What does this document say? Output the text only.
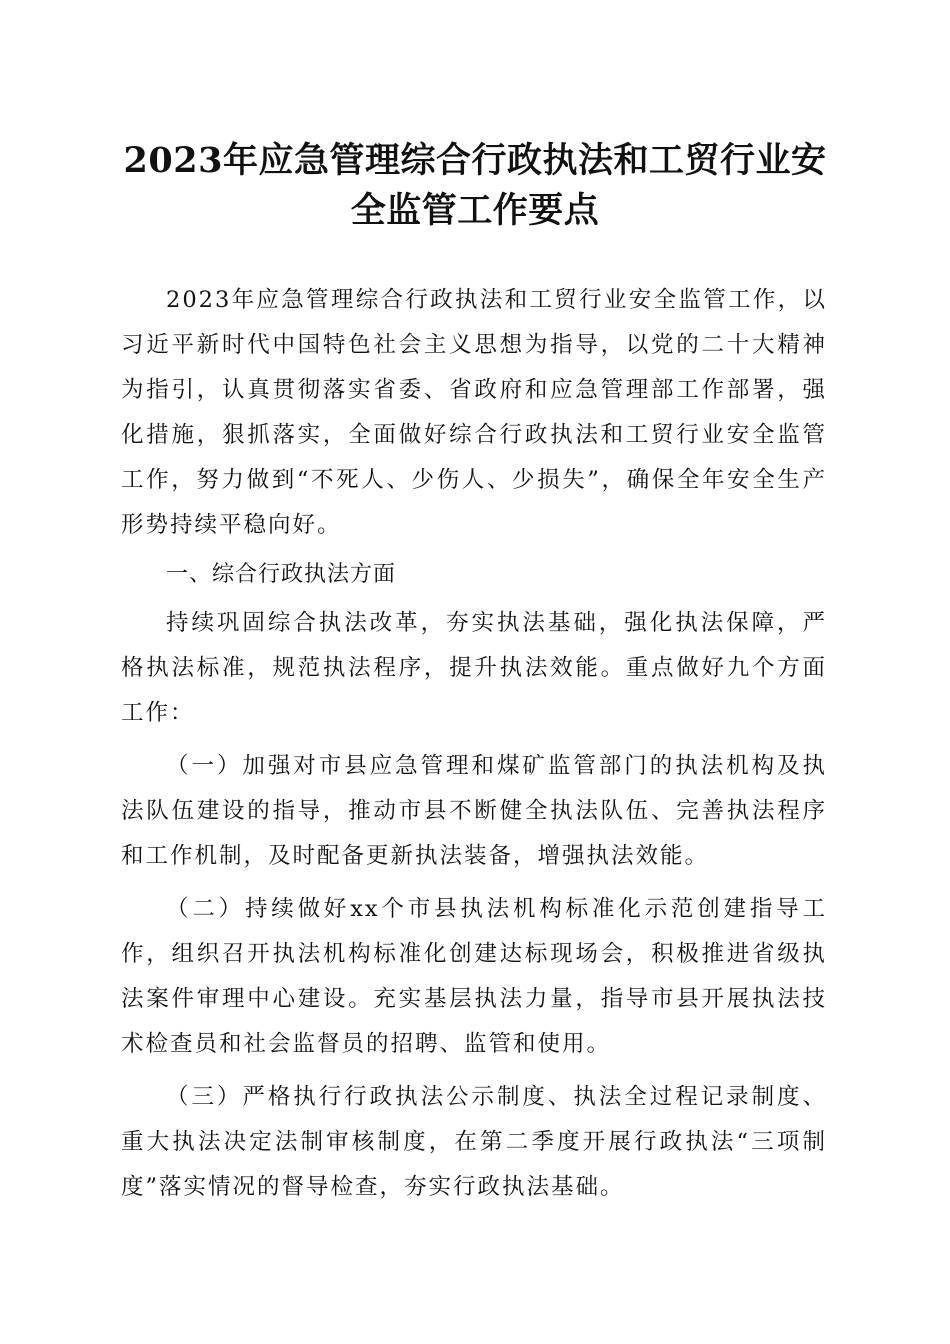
2023年应急管理综合行政执法和工贸行业安
全监管工作要点

2023年应急管理综合行政执法和工贸行业安全监管工作，以习近平新时代中国特色社会主义思想为指导，以党的二十大精神为指引，认真贯彻落实省委、省政府和应急管理部工作部署，强化措施，狠抓落实，全面做好综合行政执法和工贸行业安全监管工作，努力做到“不死人、少伤人、少损失”，确保全年安全生产形势持续平稳向好。

一、综合行政执法方面

持续巩固综合执法改革，夯实执法基础，强化执法保障，严格执法标准，规范执法程序，提升执法效能。重点做好九个方面工作：

（一）加强对市县应急管理和煤矿监管部门的执法机构及执法队伍建设的指导，推动市县不断健全执法队伍、完善执法程序和工作机制，及时配备更新执法装备，增强执法效能。

（二）持续做好xx个市县执法机构标准化示范创建指导工作，组织召开执法机构标准化创建达标现场会，积极推进省级执法案件审理中心建设。充实基层执法力量，指导市县开展执法技术检查员和社会监督员的招聘、监管和使用。

（三）严格执行行政执法公示制度、执法全过程记录制度、重大执法决定法制审核制度，在第二季度开展行政执法“三项制度”落实情况的督导检查，夯实行政执法基础。
